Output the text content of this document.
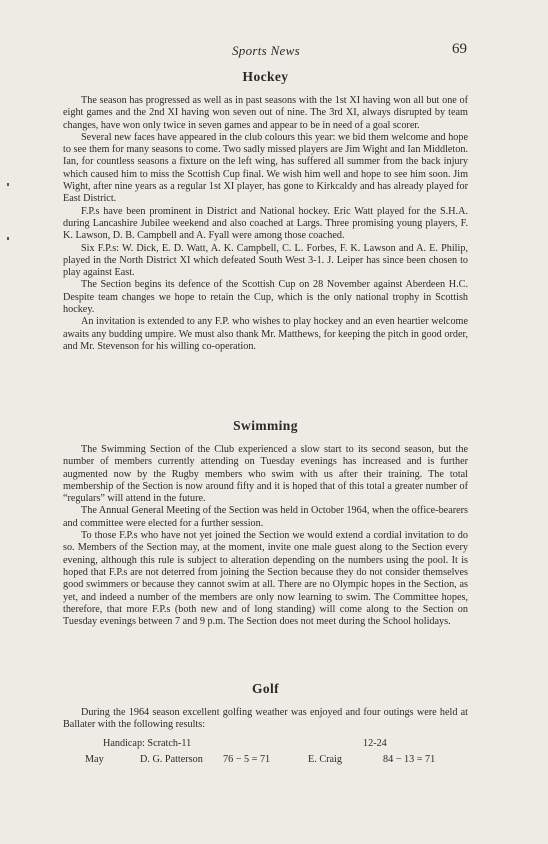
Sports News	69
Hockey

The season has progressed as well as in past seasons with the 1st XI having won all but one of eight games and the 2nd XI having won seven out of nine. The 3rd XI, always disrupted by team changes, have won only twice in seven games and appear to be in need of a goal scorer.

Several new faces have appeared in the club colours this year: we bid them welcome and hope to see them for many seasons to come. Two sadly missed players are Jim Wight and Ian Middleton. Ian, for countless seasons a fixture on the left wing, has suffered all summer from the back injury which caused him to miss the Scottish Cup final. We wish him well and hope to see him soon. Jim Wight, after nine years as a regular 1st XI player, has gone to Kirkcaldy and has already played for East District.

F.P.s have been prominent in District and National hockey. Eric Watt played for the S.H.A. during Lancashire Jubilee weekend and also coached at Largs. Three promising young players, F. K. Lawson, D. B. Campbell and A. Fyall were among those coached.

Six F.P.s: W. Dick, E. D. Watt, A. K. Campbell, C. L. Forbes, F. K. Lawson and A. E. Philip, played in the North District XI which defeated South West 3-1. J. Leiper has since been chosen to play against East.

The Section begins its defence of the Scottish Cup on 28 November against Aberdeen H.C. Despite team changes we hope to retain the Cup, which is the only national trophy in Scottish hockey.

An invitation is extended to any F.P. who wishes to play hockey and an even heartier welcome awaits any budding umpire. We must also thank Mr. Matthews, for keeping the pitch in good order, and Mr. Stevenson for his willing co-operation.

Swimming

The Swimming Section of the Club experienced a slow start to its second season, but the number of members currently attending on Tuesday evenings has increased and is further augmented now by the Rugby members who swim with us after their training. The total membership of the Section is now around fifty and it is hoped that of this total a greater number of “regulars” will attend in the future.

The Annual General Meeting of the Section was held in October 1964, when the office-bearers and committee were elected for a further session.

To those F.P.s who have not yet joined the Section we would extend a cordial invitation to do so. Members of the Section may, at the moment, invite one male guest along to the Section every evening, although this rule is subject to alteration depending on the numbers using the pool. It is hoped that F.P.s are not deterred from joining the Section because they do not consider themselves good swimmers or because they cannot swim at all. There are no Olympic hopes in the Section, as yet, and indeed a number of the members are only now learning to swim. The Committee hopes, therefore, that more F.P.s (both new and of long standing) will come along to the Section on Tuesday evenings between 7 and 9 p.m. The Section does not meet during the School holidays.

Golf

During the 1964 season excellent golfing weather was enjoyed and four outings were held at Ballater with the following results:

Handicap: Scratch-11	12-24
May	D. G. Patterson 76 − 5 = 71	E. Craig	84 − 13 = 71
